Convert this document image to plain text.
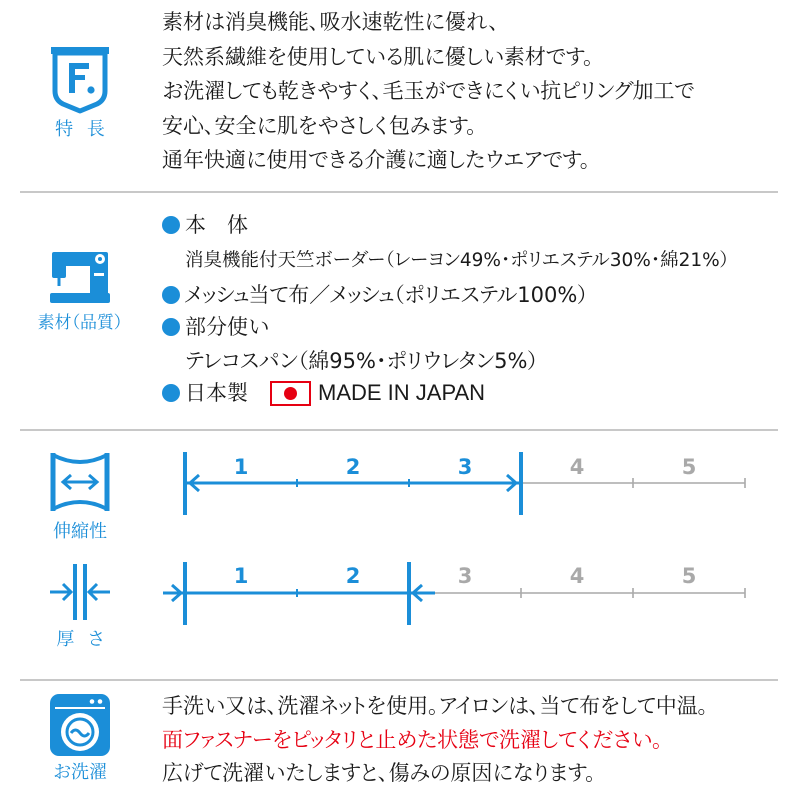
特 長
素材は消臭機能、吸水速乾性に優れ、
天然系繊維を使用している肌に優しい素材です。
お洗濯しても乾きやすく、毛玉ができにくい抗ピリング加工で
安心、安全に肌をやさしく包みます。
通年快適に使用できる介護に適したウエアです。
素材（品質）
本　体
消臭機能付天竺ボーダー（レーヨン49%・ポリエステル30%・綿21%）
メッシュ当て布／メッシュ（ポリエステル100%）
部分使い
テレコスパン（綿95%・ポリウレタン5%）
日本製	MADE IN JAPAN
伸縮性
厚 さ
1	2	3	4	5
1	2	3	4	5
お洗濯
手洗い又は、洗濯ネットを使用。アイロンは、当て布をして中温。
面ファスナーをピッタリと止めた状態で洗濯してください。
広げて洗濯いたしますと、傷みの原因になります。
